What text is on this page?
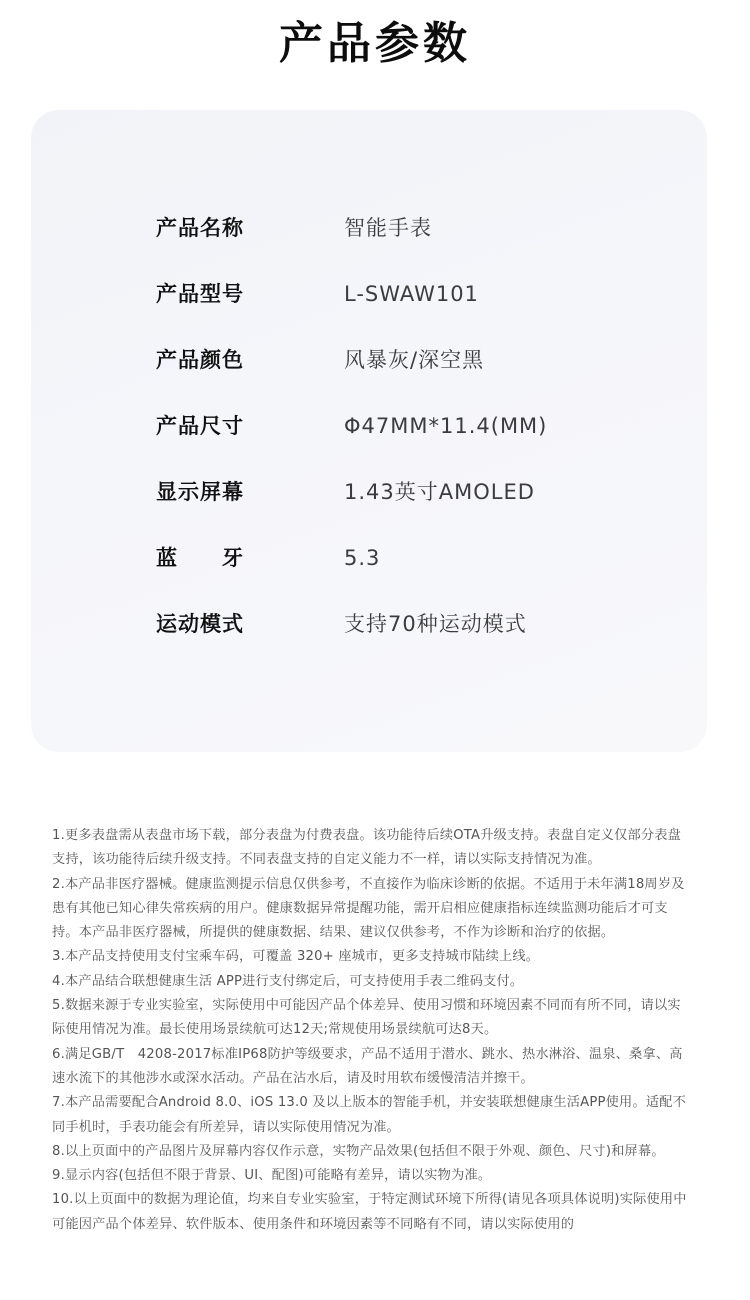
产品参数
产品名称	智能手表
产品型号	L-SWAW101
产品颜色	风暴灰/深空黑
产品尺寸	Φ47MM*11.4(MM)
显示屏幕	1.43英寸AMOLED
蓝　　牙	5.3
运动模式	支持70种运动模式

1.更多表盘需从表盘市场下载，部分表盘为付费表盘。该功能待后续OTA升级支持。表盘自定义仅部分表盘支持，该功能待后续升级支持。不同表盘支持的自定义能力不一样，请以实际支持情况为准。

2.本产品非医疗器械。健康监测提示信息仅供参考，不直接作为临床诊断的依据。不适用于未年满18周岁及患有其他已知心律失常疾病的用户。健康数据异常提醒功能，需开启相应健康指标连续监测功能后才可支持。本产品非医疗器械，所提供的健康数据、结果、建议仅供参考，不作为诊断和治疗的依据。

3.本产品支持使用支付宝乘车码，可覆盖 320+ 座城市，更多支持城市陆续上线。

4.本产品结合联想健康生活 APP进行支付绑定后，可支持使用手表二维码支付。

5.数据来源于专业实验室，实际使用中可能因产品个体差异、使用习惯和环境因素不同而有所不同，请以实际使用情况为准。最长使用场景续航可达12天;常规使用场景续航可达8天。

6.满足GB/T　4208-2017标准IP68防护等级要求，产品不适用于潜水、跳水、热水淋浴、温泉、桑拿、高速水流下的其他涉水或深水活动。产品在沾水后，请及时用软布缓慢清洁并擦干。

7.本产品需要配合Android 8.0、iOS 13.0 及以上版本的智能手机，并安装联想健康生活APP使用。适配不同手机时，手表功能会有所差异，请以实际使用情况为准。

8.以上页面中的产品图片及屏幕内容仅作示意，实物产品效果(包括但不限于外观、颜色、尺寸)和屏幕。

9.显示内容(包括但不限于背景、UI、配图)可能略有差异，请以实物为准。

10.以上页面中的数据为理论值，均来自专业实验室，于特定测试环境下所得(请见各项具体说明)实际使用中可能因产品个体差异、软件版本、使用条件和环境因素等不同略有不同，请以实际使用的
